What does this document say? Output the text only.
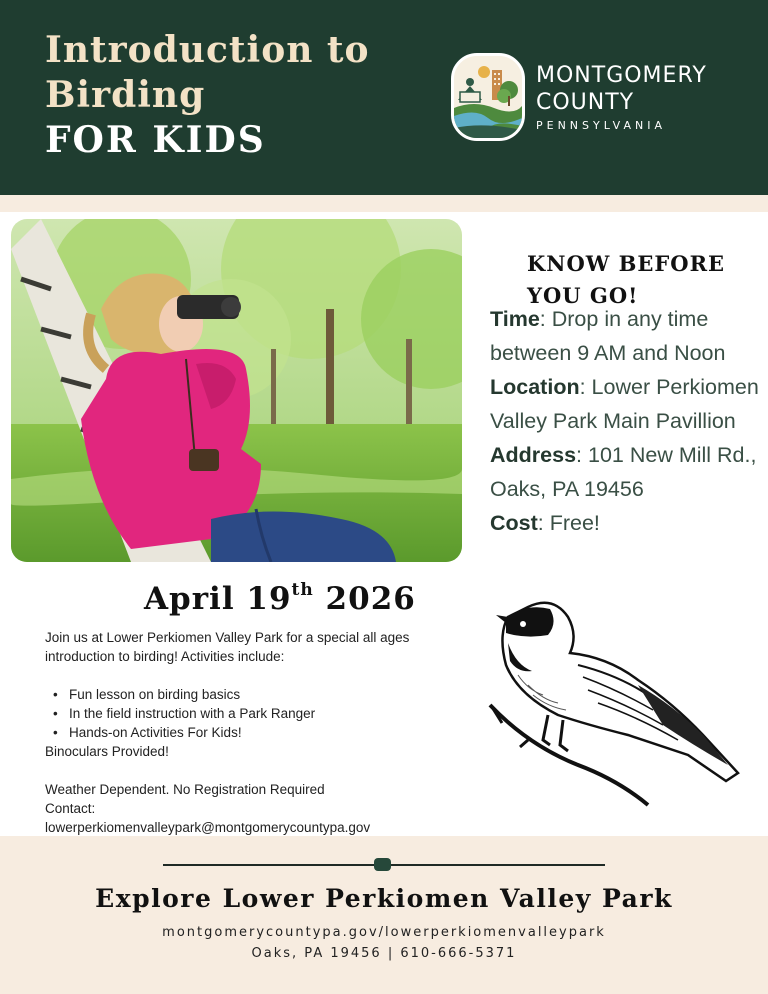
Introduction to
Birding
FOR KIDS
MONTGOMERY
COUNTY
PENNSYLVANIA
KNOW BEFORE
YOU GO!
Time: Drop in any time between 9 AM and Noon
Location: Lower Perkiomen Valley Park Main Pavillion
Address: 101 New Mill Rd., Oaks, PA 19456
Cost: Free!
April 19th 2026
Join us at Lower Perkiomen Valley Park for a special all ages introduction to birding! Activities include:
• Fun lesson on birding basics
• In the field instruction with a Park Ranger
• Hands-on Activities For Kids!
Binoculars Provided!
Weather Dependent. No Registration Required
Contact:
lowerperkiomenvalleypark@montgomerycountypa.gov
Explore Lower Perkiomen Valley Park
montgomerycountypa.gov/lowerperkiomenvalleypark
Oaks, PA 19456 | 610-666-5371
